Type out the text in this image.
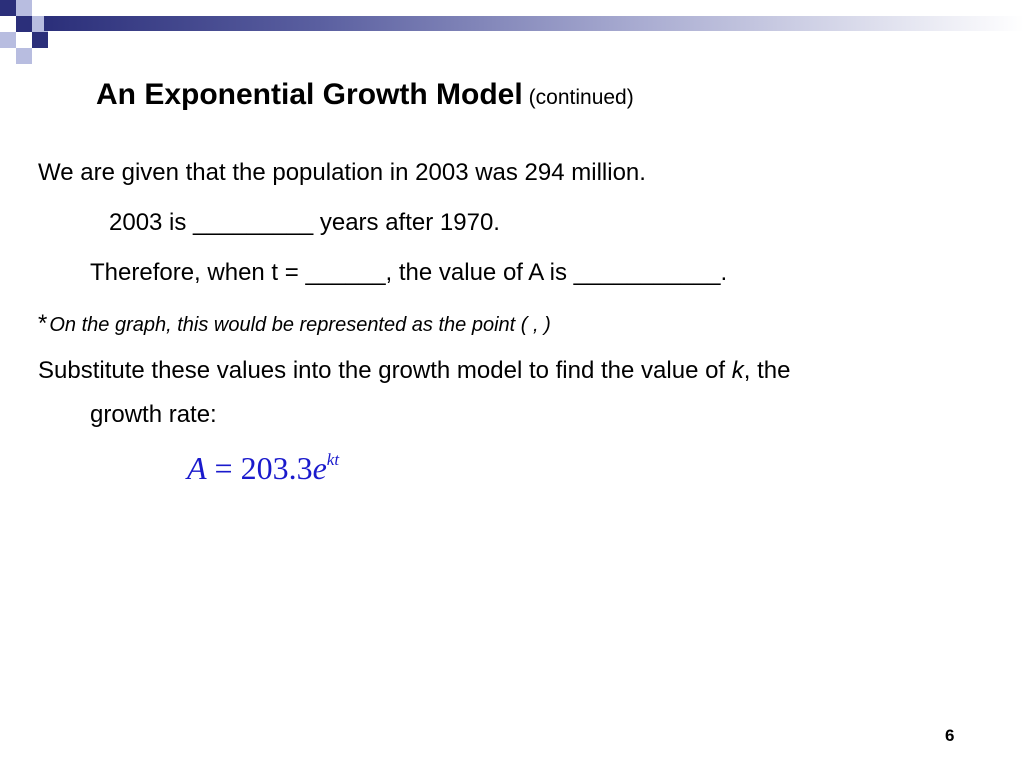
An Exponential Growth Model (continued)
We are given that the population in 2003 was 294 million.
2003 is _________ years after 1970.
Therefore, when t = ______, the value of A is ___________.
* On the graph, this would be represented as the point ( , )
Substitute these values into the growth model to find the value of k, the
growth rate:
$A = 203.3e^{kt}$
6
